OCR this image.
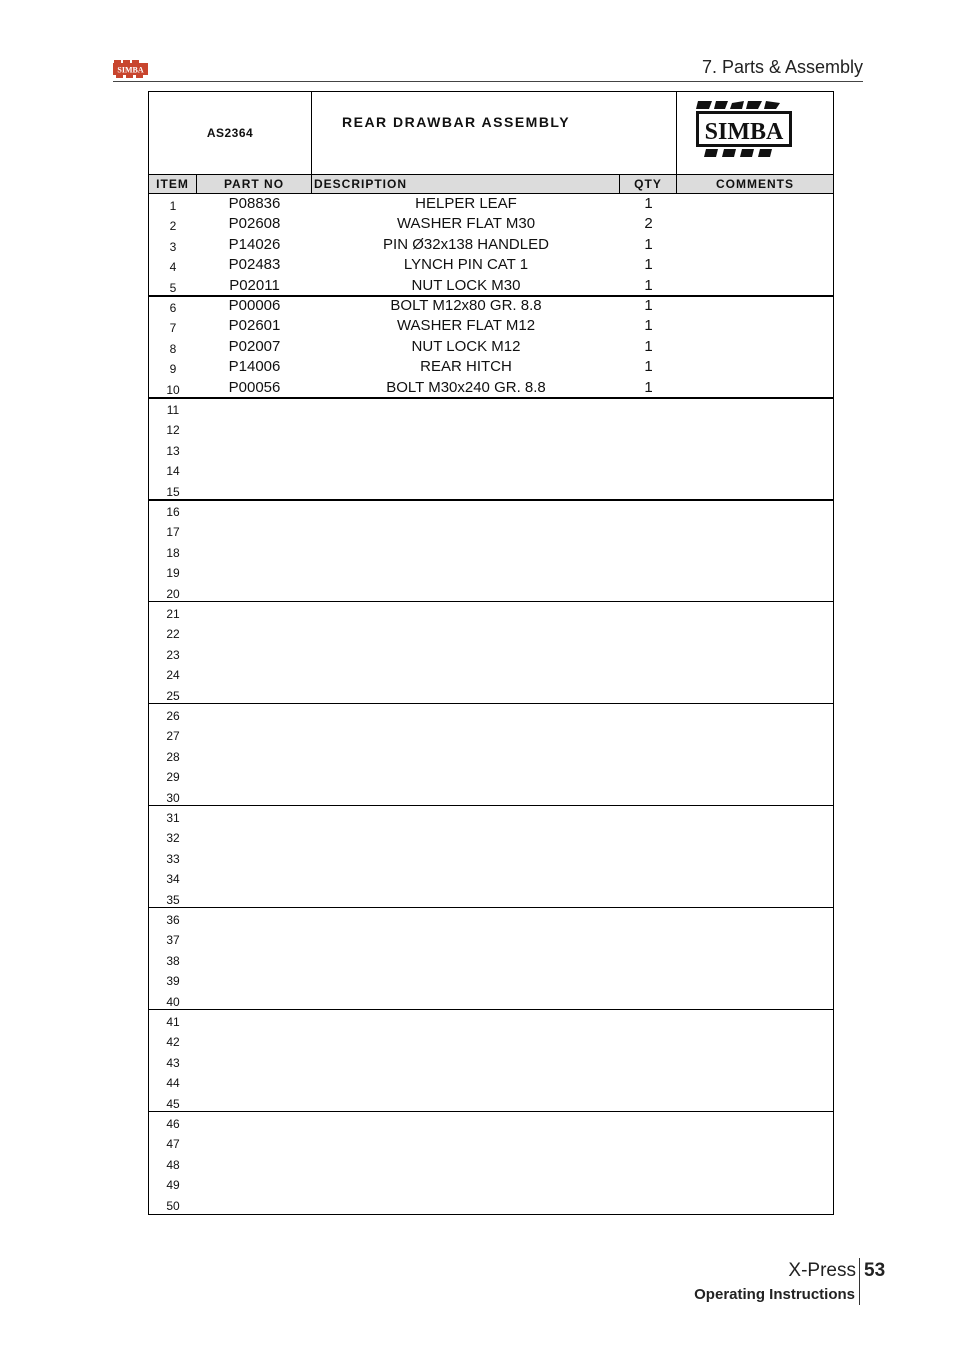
SIMBA	7. Parts & Assembly
AS2364
REAR DRAWBAR ASSEMBLY	SIMBA
ITEM	PART NO	DESCRIPTION	QTY	COMMENTS
1	P08836	HELPER LEAF	1
2	P02608	WASHER FLAT M30	2
3	P14026	PIN Ø32x138 HANDLED	1
4	P02483	LYNCH PIN CAT 1	1
5	P02011	NUT LOCK M30	1
6	P00006	BOLT M12x80 GR. 8.8	1
7	P02601	WASHER FLAT M12	1
8	P02007	NUT LOCK M12	1
9	P14006	REAR HITCH	1
10	P00056	BOLT M30x240 GR. 8.8	1
11
12
13
14
15
16
17
18
19
20
21
22
23
24
25
26
27
28
29
30
31
32
33
34
35
36
37
38
39
40
41
42
43
44
45
46
47
48
49
50
X-Press 53
Operating Instructions
